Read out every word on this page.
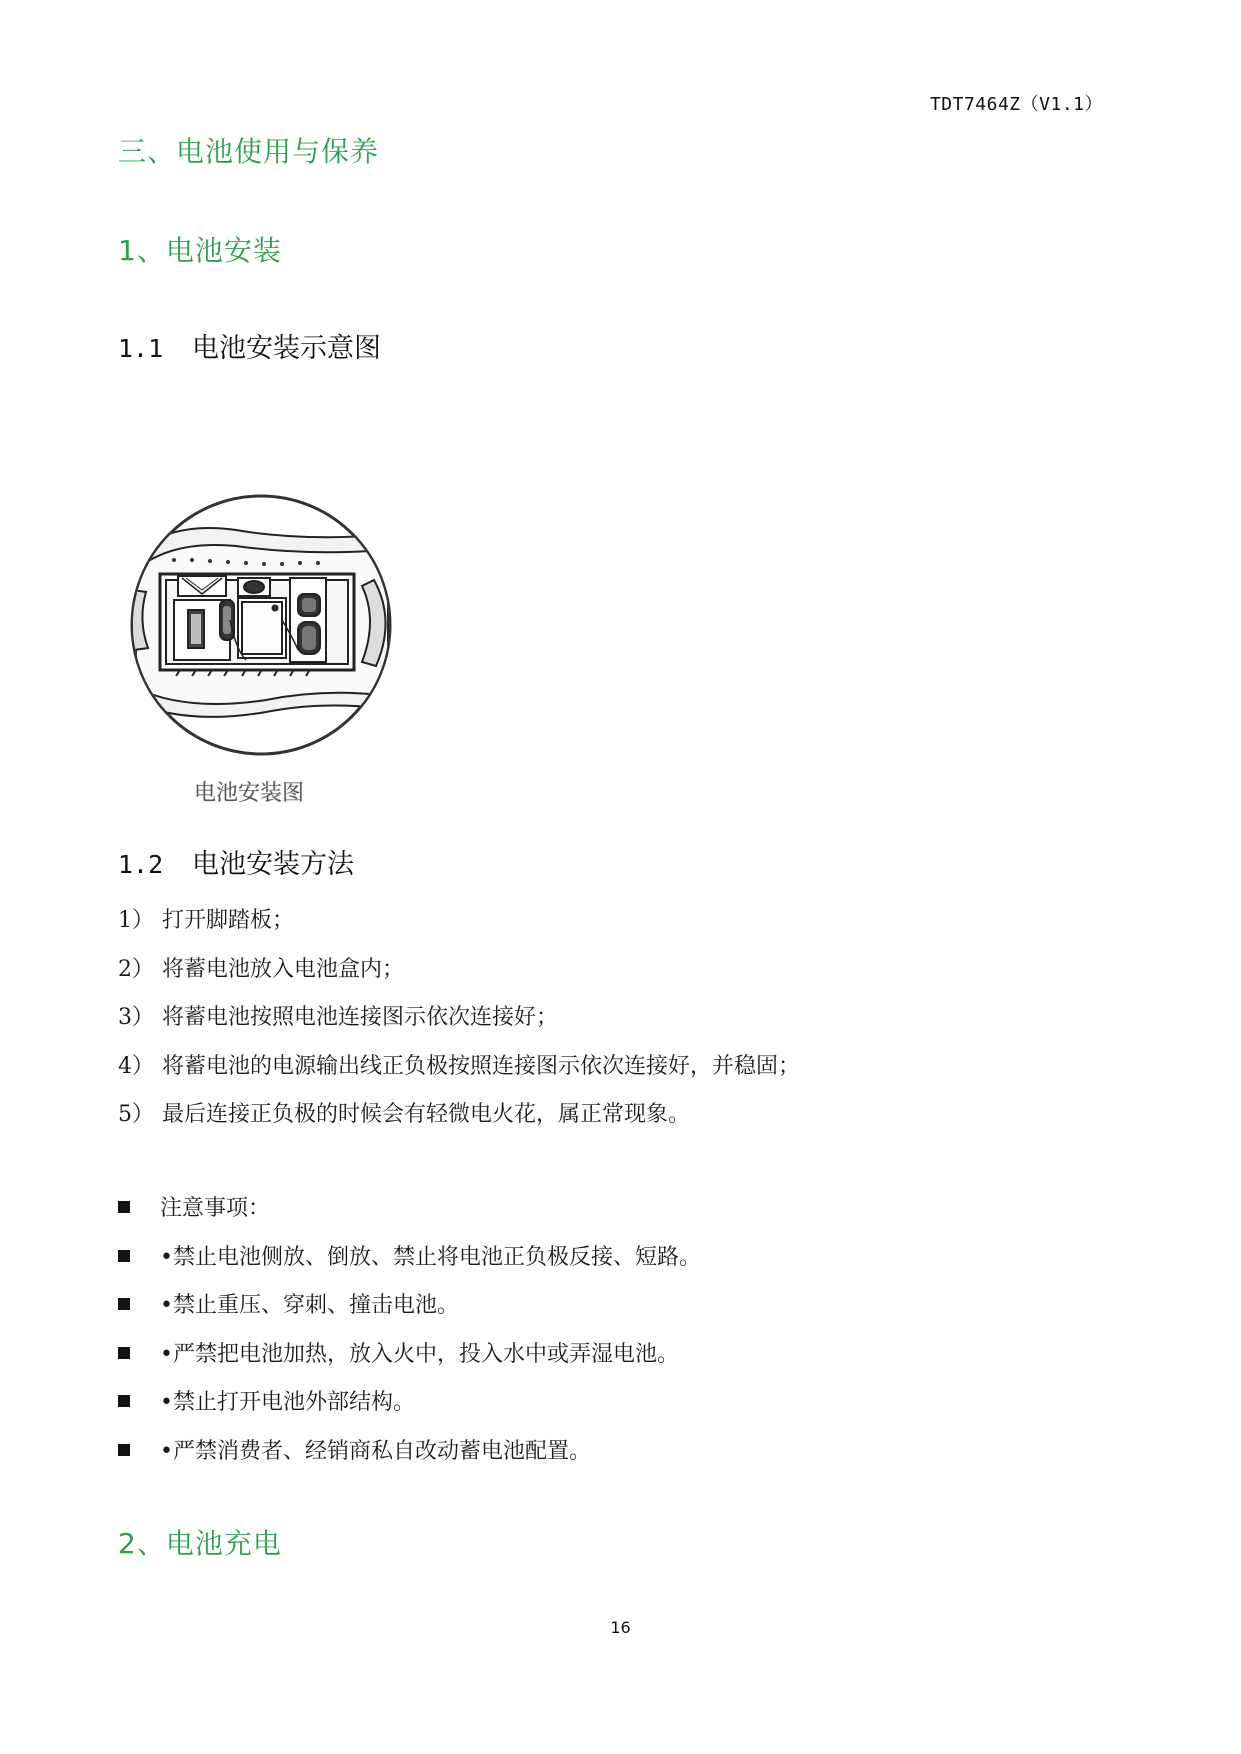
TDT7464Z（V1.1）
三、电池使用与保养
1、电池安装
1.1 电池安装示意图
电池安装图
1.2 电池安装方法
1） 打开脚踏板；
2） 将蓄电池放入电池盒内；
3） 将蓄电池按照电池连接图示依次连接好；
4） 将蓄电池的电源输出线正负极按照连接图示依次连接好，并稳固；
5） 最后连接正负极的时候会有轻微电火花，属正常现象。
注意事项：
•禁止电池侧放、倒放、禁止将电池正负极反接、短路。
•禁止重压、穿刺、撞击电池。
•严禁把电池加热，放入火中，投入水中或弄湿电池。
•禁止打开电池外部结构。
•严禁消费者、经销商私自改动蓄电池配置。
2、电池充电
16
